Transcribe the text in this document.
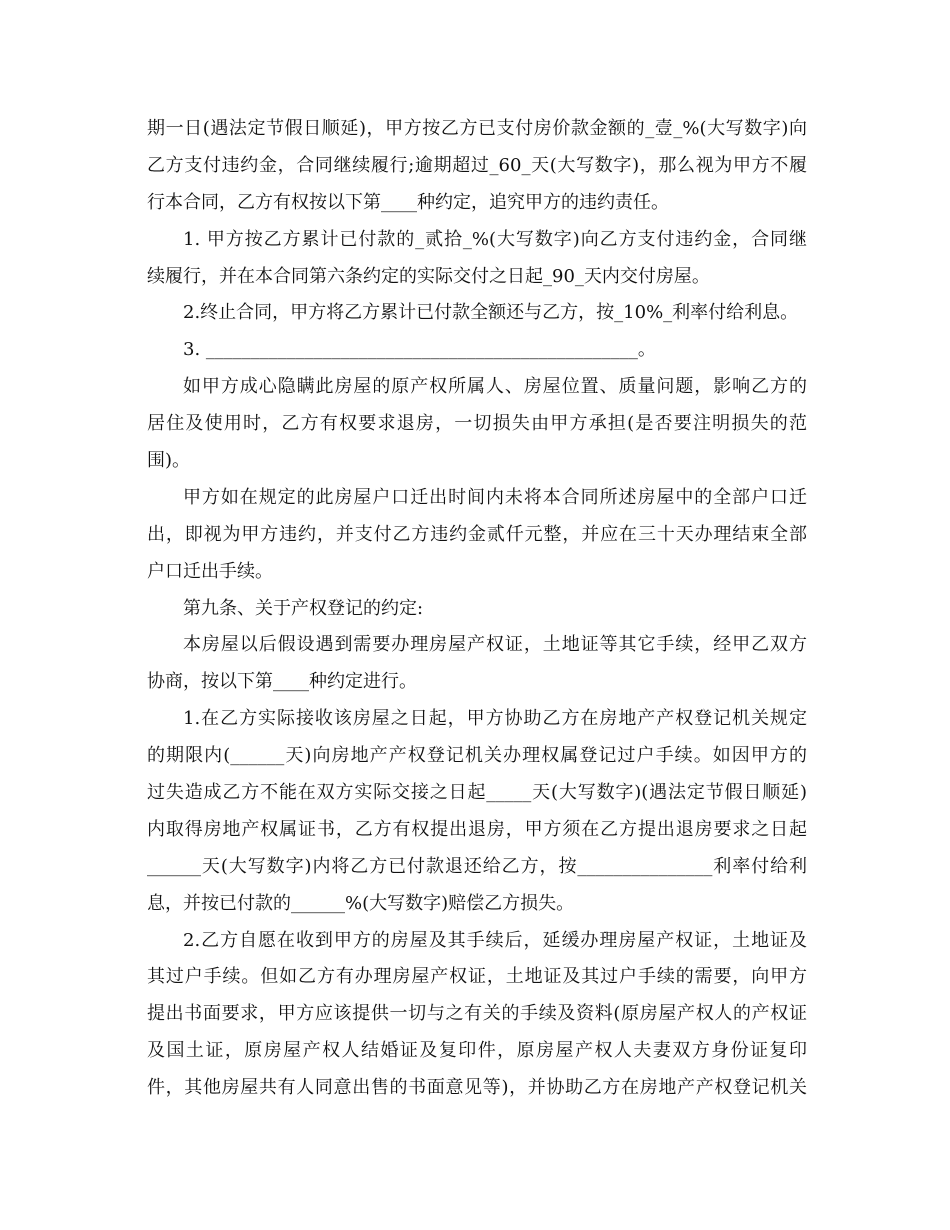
期一日(遇法定节假日顺延)，甲方按乙方已支付房价款金额的_壹_%(大写数字)向
乙方支付违约金，合同继续履行;逾期超过_60_天(大写数字)，那么视为甲方不履
行本合同，乙方有权按以下第____种约定，追究甲方的违约责任。
1. 甲方按乙方累计已付款的_贰拾_%(大写数字)向乙方支付违约金，合同继
续履行，并在本合同第六条约定的实际交付之日起_90_天内交付房屋。
2.终止合同，甲方将乙方累计已付款全额还与乙方，按_10%_利率付给利息。
3. ________________________________________________。
如甲方成心隐瞒此房屋的原产权所属人、房屋位置、质量问题，影响乙方的
居住及使用时，乙方有权要求退房，一切损失由甲方承担(是否要注明损失的范
围)。
甲方如在规定的此房屋户口迁出时间内未将本合同所述房屋中的全部户口迁
出，即视为甲方违约，并支付乙方违约金贰仟元整，并应在三十天办理结束全部
户口迁出手续。
第九条、关于产权登记的约定:
本房屋以后假设遇到需要办理房屋产权证，土地证等其它手续，经甲乙双方
协商，按以下第____种约定进行。
1.在乙方实际接收该房屋之日起，甲方协助乙方在房地产产权登记机关规定
的期限内(______天)向房地产产权登记机关办理权属登记过户手续。如因甲方的
过失造成乙方不能在双方实际交接之日起_____天(大写数字)(遇法定节假日顺延)
内取得房地产权属证书，乙方有权提出退房，甲方须在乙方提出退房要求之日起
______天(大写数字)内将乙方已付款退还给乙方，按_______________利率付给利
息，并按已付款的______%(大写数字)赔偿乙方损失。
2.乙方自愿在收到甲方的房屋及其手续后，延缓办理房屋产权证，土地证及
其过户手续。但如乙方有办理房屋产权证，土地证及其过户手续的需要，向甲方
提出书面要求，甲方应该提供一切与之有关的手续及资料(原房屋产权人的产权证
及国土证，原房屋产权人结婚证及复印件，原房屋产权人夫妻双方身份证复印
件，其他房屋共有人同意出售的书面意见等)，并协助乙方在房地产产权登记机关
